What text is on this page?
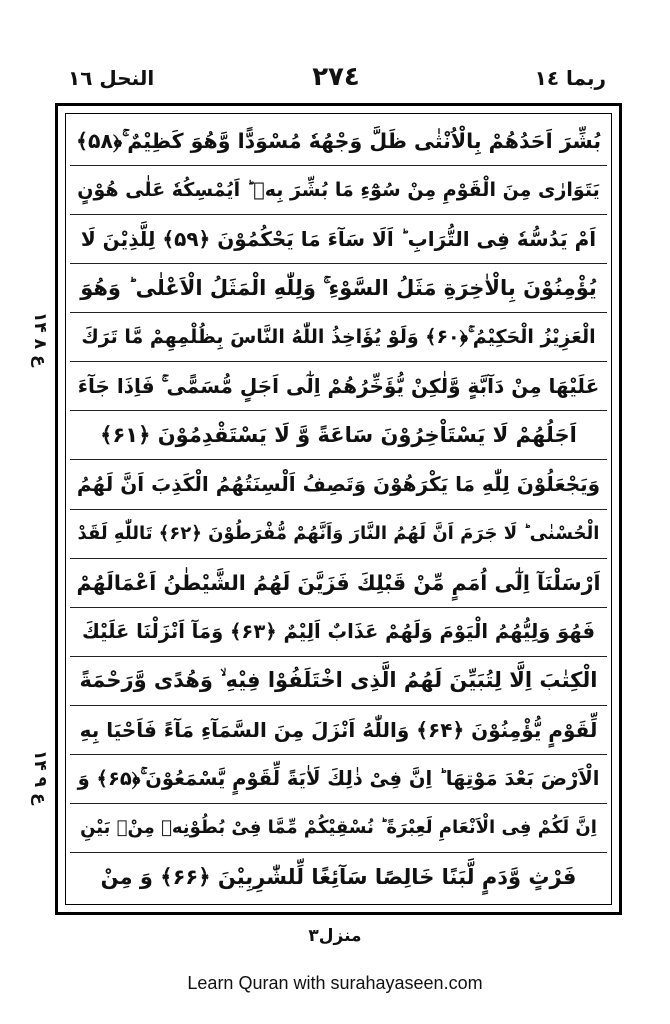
النحل ١٦	٢٧٤	ربما ١٤
ع ۸ ۱۴
ع ۹ ۱۴
بُشِّرَ اَحَدُهُمْ بِالْاُنْثٰى ظَلَّ وَجْهُهٗ مُسْوَدًّا وَّهُوَ كَظِيْمٌ ۚ﴿۵۸﴾
يَتَوَارٰى مِنَ الْقَوْمِ مِنْ سُوْٓءِ مَا بُشِّرَ بِهٖ ؕ اَيُمْسِكُهٗ عَلٰى هُوْنٍ
اَمْ يَدُسُّهٗ فِى التُّرَابِ ؕ اَلَا سَآءَ مَا يَحْكُمُوْنَ ﴿۵۹﴾ لِلَّذِيْنَ لَا
يُؤْمِنُوْنَ بِالْاٰخِرَةِ مَثَلُ السَّوْءِ ۚ وَلِلّٰهِ الْمَثَلُ الْاَعْلٰى ؕ وَهُوَ
الْعَزِيْزُ الْحَكِيْمُ ۚ﴿۶۰﴾ وَلَوْ يُؤَاخِذُ اللّٰهُ النَّاسَ بِظُلْمِهِمْ مَّا تَرَكَ
عَلَيْهَا مِنْ دَآبَّةٍ وَّلٰكِنْ يُّؤَخِّرُهُمْ اِلٰٓى اَجَلٍ مُّسَمًّى ۚ فَاِذَا جَآءَ
اَجَلُهُمْ لَا يَسْتَاْخِرُوْنَ سَاعَةً وَّ لَا يَسْتَقْدِمُوْنَ ﴿۶۱﴾
وَيَجْعَلُوْنَ لِلّٰهِ مَا يَكْرَهُوْنَ وَتَصِفُ اَلْسِنَتُهُمُ الْكَذِبَ اَنَّ لَهُمُ
الْحُسْنٰى ؕ لَا جَرَمَ اَنَّ لَهُمُ النَّارَ وَاَنَّهُمْ مُّفْرَطُوْنَ ﴿۶۲﴾ تَاللّٰهِ لَقَدْ
اَرْسَلْنَآ اِلٰٓى اُمَمٍ مِّنْ قَبْلِكَ فَزَيَّنَ لَهُمُ الشَّيْطٰنُ اَعْمَالَهُمْ
فَهُوَ وَلِيُّهُمُ الْيَوْمَ وَلَهُمْ عَذَابٌ اَلِيْمٌ ﴿۶۳﴾ وَمَآ اَنْزَلْنَا عَلَيْكَ
الْكِتٰبَ اِلَّا لِتُبَيِّنَ لَهُمُ الَّذِى اخْتَلَفُوْا فِيْهِ ۙ وَهُدًى وَّرَحْمَةً
لِّقَوْمٍ يُّؤْمِنُوْنَ ﴿۶۴﴾ وَاللّٰهُ اَنْزَلَ مِنَ السَّمَآءِ مَآءً فَاَحْيَا بِهِ
الْاَرْضَ بَعْدَ مَوْتِهَا ؕ اِنَّ فِىْ ذٰلِكَ لَاٰيَةً لِّقَوْمٍ يَّسْمَعُوْنَ ۚ﴿۶۵﴾ وَ
اِنَّ لَكُمْ فِى الْاَنْعَامِ لَعِبْرَةً ؕ نُسْقِيْكُمْ مِّمَّا فِىْ بُطُوْنِهٖ مِنْۢ بَيْنِ
فَرْثٍ وَّدَمٍ لَّبَنًا خَالِصًا سَآئِغًا لِّلشّٰرِبِيْنَ ﴿۶۶﴾ وَ مِنْ
منزل۳
Learn Quran with surahayaseen.com
